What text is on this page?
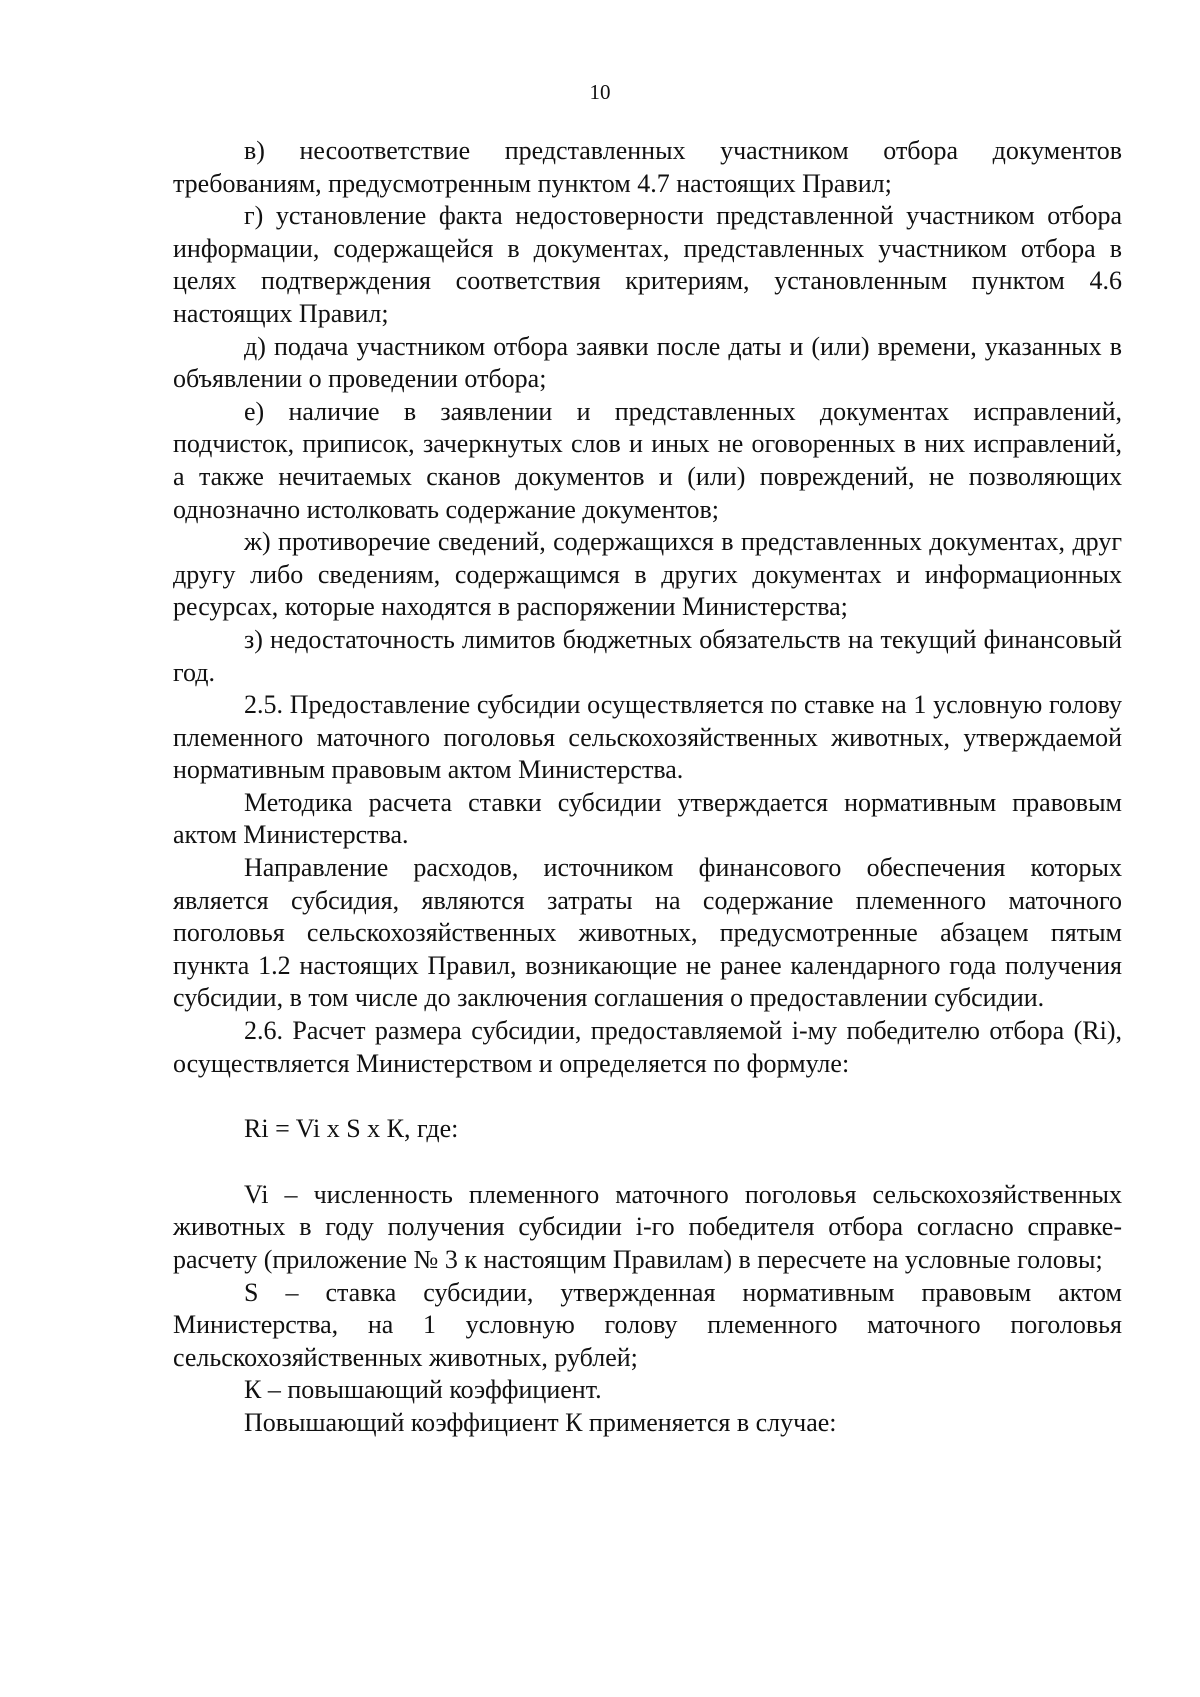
10

в) несоответствие представленных участником отбора документов требованиям, предусмотренным пунктом 4.7 настоящих Правил;

г) установление факта недостоверности представленной участником отбора информации, содержащейся в документах, представленных участником отбора в целях подтверждения соответствия критериям, установленным пунктом 4.6 настоящих Правил;

д) подача участником отбора заявки после даты и (или) времени, указанных в объявлении о проведении отбора;

е) наличие в заявлении и представленных документах исправлений, подчисток, приписок, зачеркнутых слов и иных не оговоренных в них исправлений, а также нечитаемых сканов документов и (или) повреждений, не позволяющих однозначно истолковать содержание документов;

ж) противоречие сведений, содержащихся в представленных документах, друг другу либо сведениям, содержащимся в других документах и информационных ресурсах, которые находятся в распоряжении Министерства;

з) недостаточность лимитов бюджетных обязательств на текущий финансовый год.

2.5. Предоставление субсидии осуществляется по ставке на 1 условную голову племенного маточного поголовья сельскохозяйственных животных, утверждаемой нормативным правовым актом Министерства.

Методика расчета ставки субсидии утверждается нормативным правовым актом Министерства.

Направление расходов, источником финансового обеспечения которых является субсидия, являются затраты на содержание племенного маточного поголовья сельскохозяйственных животных, предусмотренные абзацем пятым пункта 1.2 настоящих Правил, возникающие не ранее календарного года получения субсидии, в том числе до заключения соглашения о предоставлении субсидии.

2.6. Расчет размера субсидии, предоставляемой i-му победителю отбора (Ri), осуществляется Министерством и определяется по формуле:

Ri = Vi x S x К, где:

Vi – численность племенного маточного поголовья сельскохозяйственных животных в году получения субсидии i-го победителя отбора согласно справке-расчету (приложение № 3 к настоящим Правилам) в пересчете на условные головы;

S – ставка субсидии, утвержденная нормативным правовым актом Министерства, на 1 условную голову племенного маточного поголовья сельскохозяйственных животных, рублей;

К – повышающий коэффициент.

Повышающий коэффициент К применяется в случае:
